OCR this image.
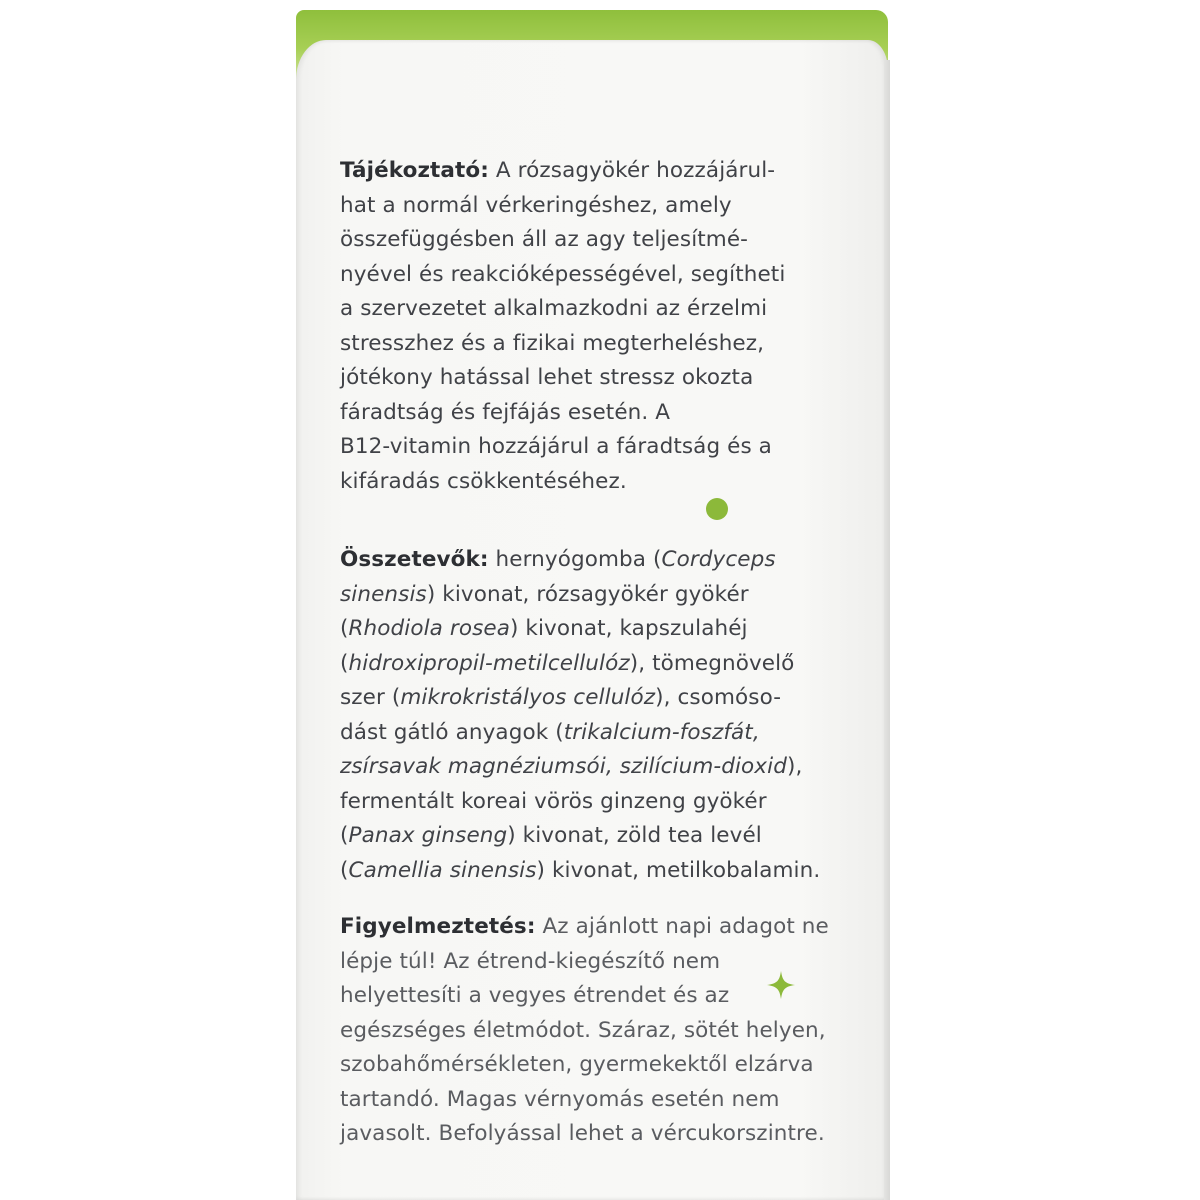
Tájékoztató: A rózsagyökér hozzájárul-
hat a normál vérkeringéshez, amely
összefüggésben áll az agy teljesítmé-
nyével és reakcióképességével, segítheti
a szervezetet alkalmazkodni az érzelmi
stresszhez és a fizikai megterheléshez,
jótékony hatással lehet stressz okozta
fáradtság és fejfájás esetén. A
B12-vitamin hozzájárul a fáradtság és a
kifáradás csökkentéséhez.
Összetevők: hernyógomba (Cordyceps
sinensis) kivonat, rózsagyökér gyökér
(Rhodiola rosea) kivonat, kapszulahéj
(hidroxipropil-metilcellulóz), tömegnövelő
szer (mikrokristályos cellulóz), csomóso-
dást gátló anyagok (trikalcium-foszfát,
zsírsavak magnéziumsói, szilícium-dioxid),
fermentált koreai vörös ginzeng gyökér
(Panax ginseng) kivonat, zöld tea levél
(Camellia sinensis) kivonat, metilkobalamin.
Figyelmeztetés: Az ajánlott napi adagot ne
lépje túl! Az étrend-kiegészítő nem
helyettesíti a vegyes étrendet és az
egészséges életmódot. Száraz, sötét helyen,
szobahőmérsékleten, gyermekektől elzárva
tartandó. Magas vérnyomás esetén nem
javasolt. Befolyással lehet a vércukorszintre.
